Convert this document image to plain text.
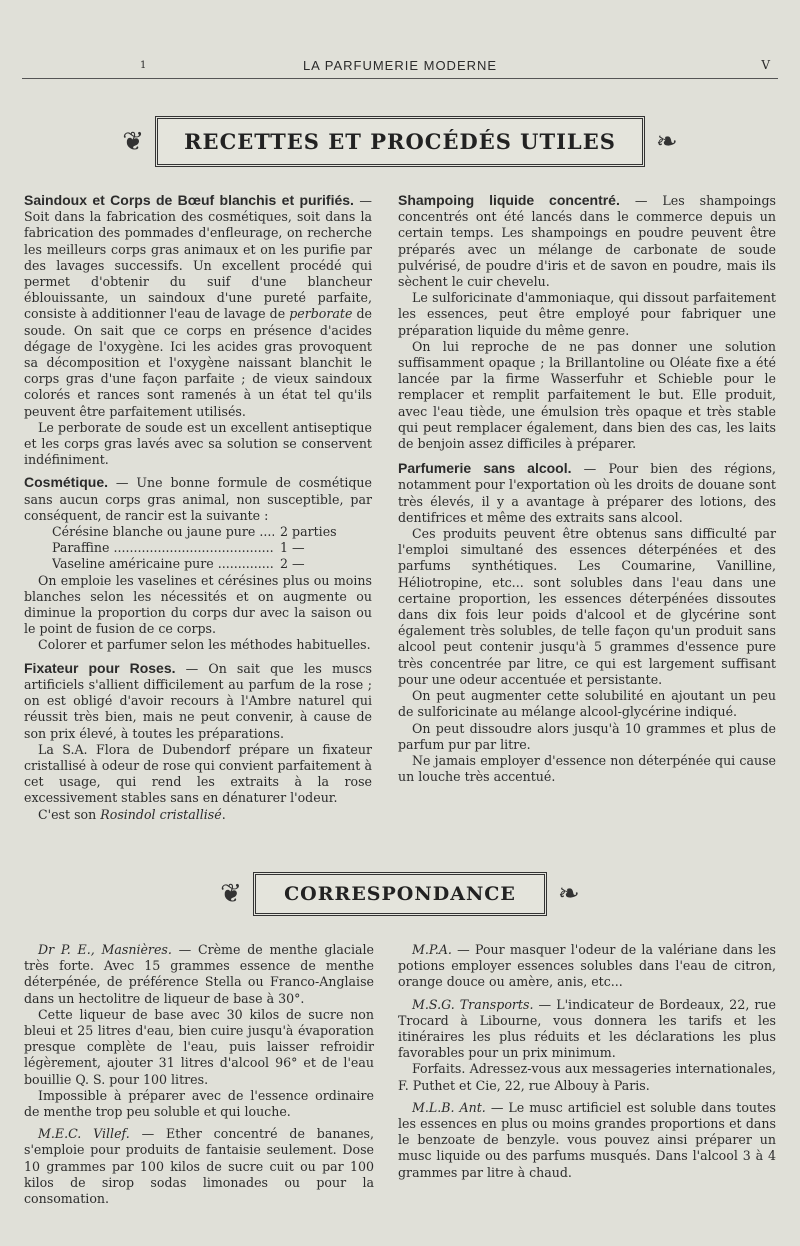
1	LA PARFUMERIE MODERNE	V
❦ RECETTES ET PROCÉDÉS UTILES ❧

Saindoux et Corps de Bœuf blanchis et purifiés. — Soit dans la fabrication des cosmétiques, soit dans la fabrication des pommades d'enfleurage, on recherche les meilleurs corps gras animaux et on les purifie par des lavages successifs. Un excellent procédé qui permet d'obtenir du suif d'une blancheur éblouissante, un saindoux d'une pureté parfaite, consiste à additionner l'eau de lavage de perborate de soude. On sait que ce corps en présence d'acides dégage de l'oxygène. Ici les acides gras provoquent sa décomposition et l'oxygène naissant blanchit le corps gras d'une façon parfaite ; de vieux saindoux colorés et rances sont ramenés à un état tel qu'ils peuvent être parfaitement utilisés.

Le perborate de soude est un excellent antiseptique et les corps gras lavés avec sa solution se conservent indéfiniment.

Cosmétique. — Une bonne formule de cosmétique sans aucun corps gras animal, non susceptible, par conséquent, de rancir est la suivante :

Cérésine blanche ou jaune pure .....	2 parties
Paraffine .....	1 —
Vaseline américaine pure .....	2 —

On emploie les vaselines et cérésines plus ou moins blanches selon les nécessités et on augmente ou diminue la proportion du corps dur avec la saison ou le point de fusion de ce corps.

Colorer et parfumer selon les méthodes habituelles.

Fixateur pour Roses. — On sait que les muscs artificiels s'allient difficilement au parfum de la rose ; on est obligé d'avoir recours à l'Ambre naturel qui réussit très bien, mais ne peut convenir, à cause de son prix élevé, à toutes les préparations.

La S.A. Flora de Dubendorf prépare un fixateur cristallisé à odeur de rose qui convient parfaitement à cet usage, qui rend les extraits à la rose excessivement stables sans en dénaturer l'odeur.

C'est son Rosindol cristallisé.

Shampoing liquide concentré. — Les shampoings concentrés ont été lancés dans le commerce depuis un certain temps. Les shampoings en poudre peuvent être préparés avec un mélange de carbonate de soude pulvérisé, de poudre d'iris et de savon en poudre, mais ils sèchent le cuir chevelu.

Le sulforicinate d'ammoniaque, qui dissout parfaitement les essences, peut être employé pour fabriquer une préparation liquide du même genre.

On lui reproche de ne pas donner une solution suffisamment opaque ; la Brillantoline ou Oléate fixe a été lancée par la firme Wasserfuhr et Schieble pour le remplacer et remplit parfaitement le but. Elle produit, avec l'eau tiède, une émulsion très opaque et très stable qui peut remplacer également, dans bien des cas, les laits de benjoin assez difficiles à préparer.

Parfumerie sans alcool. — Pour bien des régions, notamment pour l'exportation où les droits de douane sont très élevés, il y a avantage à préparer des lotions, des dentifrices et même des extraits sans alcool.

Ces produits peuvent être obtenus sans difficulté par l'emploi simultané des essences déterpénées et des parfums synthétiques. Les Coumarine, Vanilline, Héliotropine, etc... sont solubles dans l'eau dans une certaine proportion, les essences déterpénées dissoutes dans dix fois leur poids d'alcool et de glycérine sont également très solubles, de telle façon qu'un produit sans alcool peut contenir jusqu'à 5 grammes d'essence pure très concentrée par litre, ce qui est largement suffisant pour une odeur accentuée et persistante.

On peut augmenter cette solubilité en ajoutant un peu de sulforicinate au mélange alcool-glycérine indiqué.

On peut dissoudre alors jusqu'à 10 grammes et plus de parfum pur par litre.

Ne jamais employer d'essence non déterpénée qui cause un louche très accentué.

❦ CORRESPONDANCE ❧

Dr P. E., Masnières. — Crème de menthe glaciale très forte. Avec 15 grammes essence de menthe déterpénée, de préférence Stella ou Franco-Anglaise dans un hectolitre de liqueur de base à 30°.

Cette liqueur de base avec 30 kilos de sucre non bleui et 25 litres d'eau, bien cuire jusqu'à évaporation presque complète de l'eau, puis laisser refroidir légèrement, ajouter 31 litres d'alcool 96° et de l'eau bouillie Q. S. pour 100 litres.

Impossible à préparer avec de l'essence ordinaire de menthe trop peu soluble et qui louche.

M.E.C. Villef. — Ether concentré de bananes, s'emploie pour produits de fantaisie seulement. Dose 10 grammes par 100 kilos de sucre cuit ou par 100 kilos de sirop sodas limonades ou pour la consomation.

M.P.A. — Pour masquer l'odeur de la valériane dans les potions employer essences solubles dans l'eau de citron, orange douce ou amère, anis, etc...

M.S.G. Transports. — L'indicateur de Bordeaux, 22, rue Trocard à Libourne, vous donnera les tarifs et les itinéraires les plus réduits et les déclarations les plus favorables pour un prix minimum.

Forfaits. Adressez-vous aux messageries internationales, F. Puthet et Cie, 22, rue Albouy à Paris.

M.L.B. Ant. — Le musc artificiel est soluble dans toutes les essences en plus ou moins grandes proportions et dans le benzoate de benzyle. vous pouvez ainsi préparer un musc liquide ou des parfums musqués. Dans l'alcool 3 à 4 grammes par litre à chaud.
